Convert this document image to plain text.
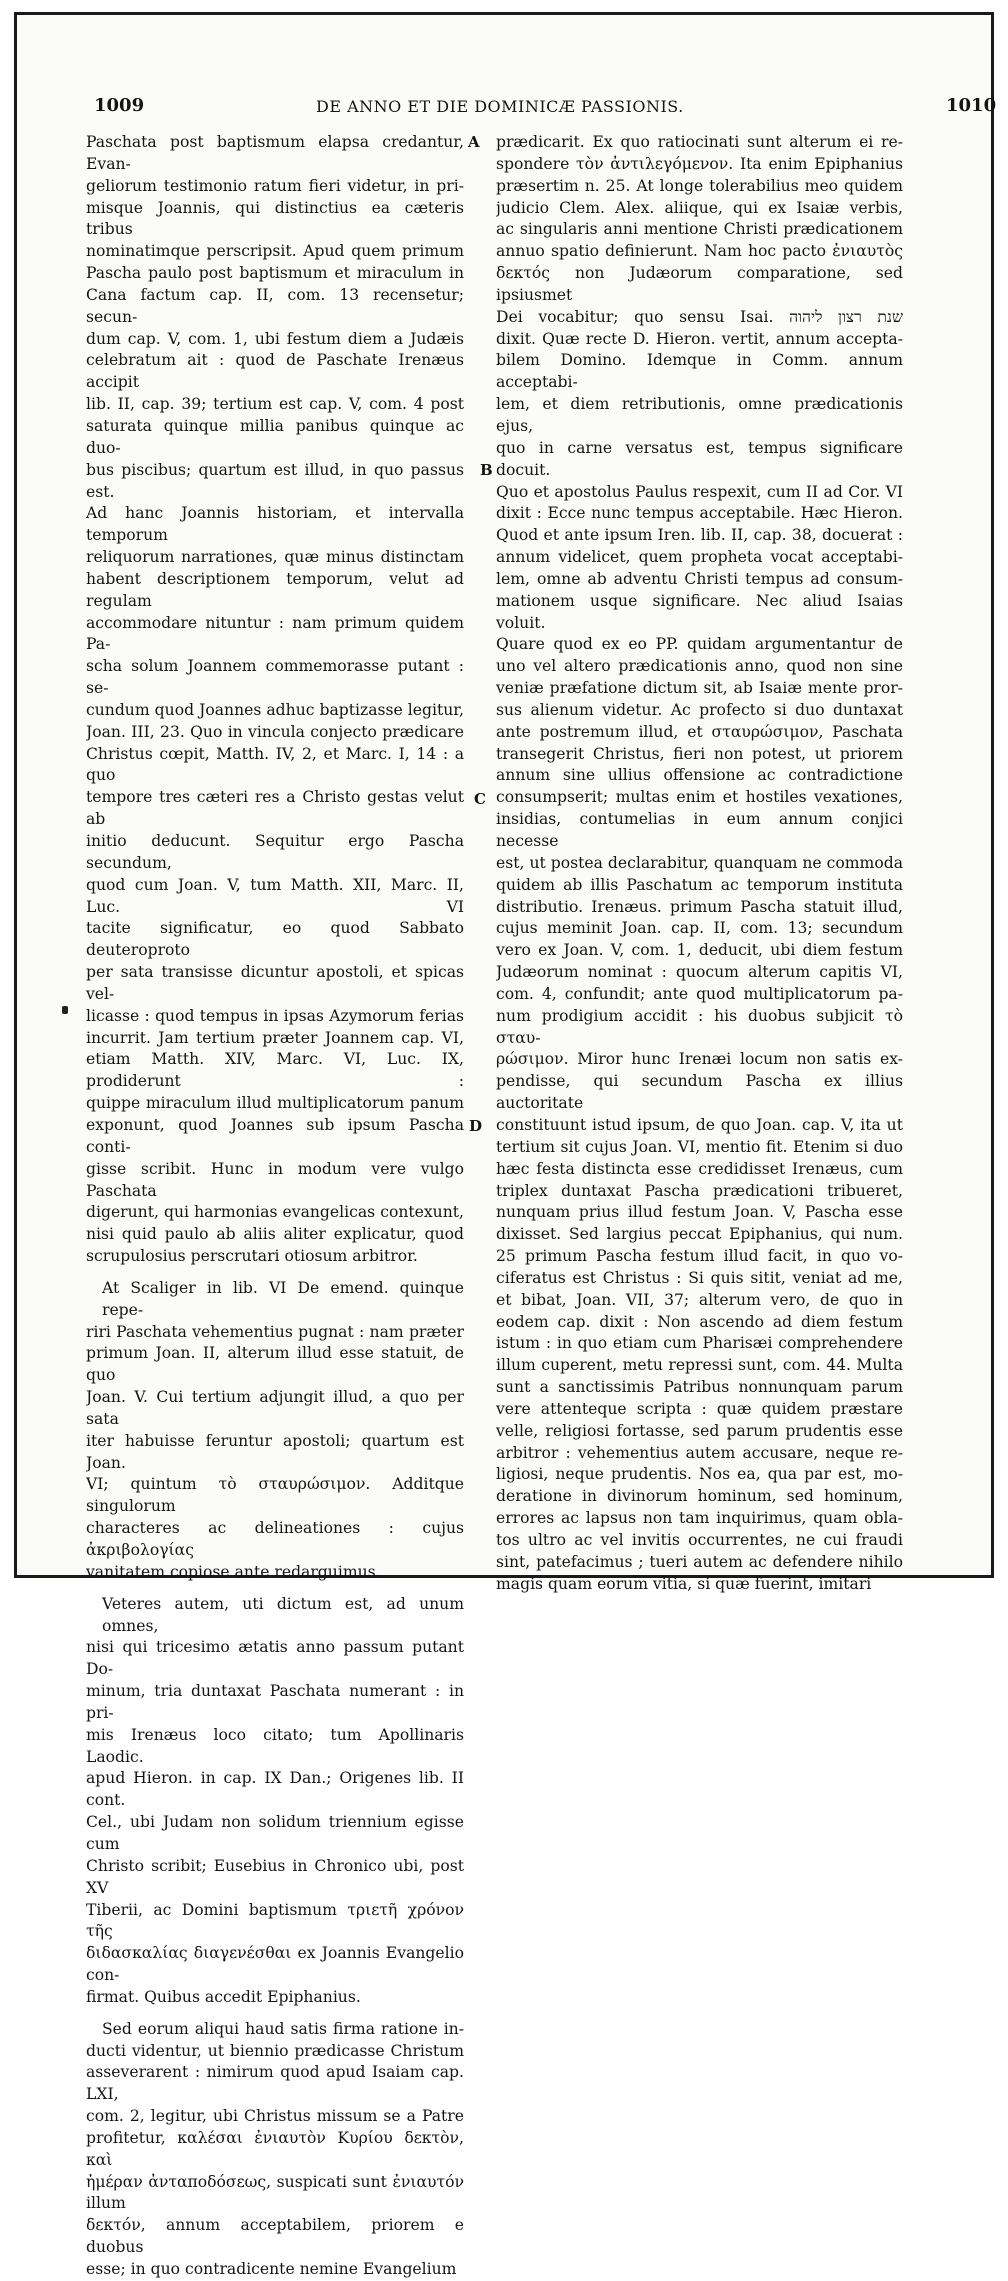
1009	DE ANNO ET DIE DOMINICÆ PASSIONIS.	1010
A
B
C
D
Paschata post baptismum elapsa credantur, Evan-
geliorum testimonio ratum fieri videtur, in pri-
misque Joannis, qui distinctius ea cæteris tribus
nominatimque perscripsit. Apud quem primum
Pascha paulo post baptismum et miraculum in
Cana factum cap. II, com. 13 recensetur; secun-
dum cap. V, com. 1, ubi festum diem a Judæis
celebratum ait : quod de Paschate Irenæus accipit
lib. II, cap. 39; tertium est cap. V, com. 4 post
saturata quinque millia panibus quinque ac duo-
bus piscibus; quartum est illud, in quo passus est.
Ad hanc Joannis historiam, et intervalla temporum
reliquorum narrationes, quæ minus distinctam
habent descriptionem temporum, velut ad regulam
accommodare nituntur : nam primum quidem Pa-
scha solum Joannem commemorasse putant : se-
cundum quod Joannes adhuc baptizasse legitur,
Joan. III, 23. Quo in vincula conjecto prædicare
Christus cœpit, Matth. IV, 2, et Marc. I, 14 : a quo
tempore tres cæteri res a Christo gestas velut ab
initio deducunt. Sequitur ergo Pascha secundum,
quod cum Joan. V, tum Matth. XII, Marc. II, Luc. VI
tacite significatur, eo quod Sabbato deuteroproto
per sata transisse dicuntur apostoli, et spicas vel-
licasse : quod tempus in ipsas Azymorum ferias
incurrit. Jam tertium præter Joannem cap. VI,
etiam Matth. XIV, Marc. VI, Luc. IX, prodiderunt :
quippe miraculum illud multiplicatorum panum
exponunt, quod Joannes sub ipsum Pascha conti-
gisse scribit. Hunc in modum vere vulgo Paschata
digerunt, qui harmonias evangelicas contexunt,
nisi quid paulo ab aliis aliter explicatur, quod
scrupulosius perscrutari otiosum arbitror.
At Scaliger in lib. VI De emend. quinque repe-
riri Paschata vehementius pugnat : nam præter
primum Joan. II, alterum illud esse statuit, de quo
Joan. V. Cui tertium adjungit illud, a quo per sata
iter habuisse feruntur apostoli; quartum est Joan.
VI; quintum τὸ σταυρώσιμον. Additque singulorum
characteres ac delineationes : cujus ἀκριβολογίας
vanitatem copiose ante redarguimus.
Veteres autem, uti dictum est, ad unum omnes,
nisi qui tricesimo ætatis anno passum putant Do-
minum, tria duntaxat Paschata numerant : in pri-
mis Irenæus loco citato; tum Apollinaris Laodic.
apud Hieron. in cap. IX Dan.; Origenes lib. II cont.
Cel., ubi Judam non solidum triennium egisse cum
Christo scribit; Eusebius in Chronico ubi, post XV
Tiberii, ac Domini baptismum τριετῆ χρόνον τῆς
διδασκαλίας διαγενέσθαι ex Joannis Evangelio con-
firmat. Quibus accedit Epiphanius.
Sed eorum aliqui haud satis firma ratione in-
ducti videntur, ut biennio prædicasse Christum
asseverarent : nimirum quod apud Isaiam cap. LXI,
com. 2, legitur, ubi Christus missum se a Patre
profitetur, καλέσαι ἐνιαυτὸν Κυρίου δεκτὸν, καὶ
ἡμέραν ἀνταποδόσεως, suspicati sunt ἐνιαυτόν illum
δεκτόν, annum acceptabilem, priorem e duobus
esse; in quo contradicente nemine Evangelium
prædicarit. Ex quo ratiocinati sunt alterum ei re-
spondere τὸν ἀντιλεγόμενον. Ita enim Epiphanius
præsertim n. 25. At longe tolerabilius meo quidem
judicio Clem. Alex. aliique, qui ex Isaiæ verbis,
ac singularis anni mentione Christi prædicationem
annuo spatio definierunt. Nam hoc pacto ἐνιαυτὸς
δεκτός non Judæorum comparatione, sed ipsiusmet
Dei vocabitur; quo sensu Isai. שנת רצון ליהוה
dixit. Quæ recte D. Hieron. vertit, annum accepta-
bilem Domino. Idemque in Comm. annum acceptabi-
lem, et diem retributionis, omne prædicationis ejus,
quo in carne versatus est, tempus significare docuit.
Quo et apostolus Paulus respexit, cum II ad Cor. VI
dixit : Ecce nunc tempus acceptabile. Hæc Hieron.
Quod et ante ipsum Iren. lib. II, cap. 38, docuerat :
annum videlicet, quem propheta vocat acceptabi-
lem, omne ab adventu Christi tempus ad consum-
mationem usque significare. Nec aliud Isaias voluit.
Quare quod ex eo PP. quidam argumentantur de
uno vel altero prædicationis anno, quod non sine
veniæ præfatione dictum sit, ab Isaiæ mente pror-
sus alienum videtur. Ac profecto si duo duntaxat
ante postremum illud, et σταυρώσιμον, Paschata
transegerit Christus, fieri non potest, ut priorem
annum sine ullius offensione ac contradictione
consumpserit; multas enim et hostiles vexationes,
insidias, contumelias in eum annum conjici necesse
est, ut postea declarabitur, quanquam ne commoda
quidem ab illis Paschatum ac temporum instituta
distributio. Irenæus. primum Pascha statuit illud,
cujus meminit Joan. cap. II, com. 13; secundum
vero ex Joan. V, com. 1, deducit, ubi diem festum
Judæorum nominat : quocum alterum capitis VI,
com. 4, confundit; ante quod multiplicatorum pa-
num prodigium accidit : his duobus subjicit τὸ σταυ-
ρώσιμον. Miror hunc Irenæi locum non satis ex-
pendisse, qui secundum Pascha ex illius auctoritate
constituunt istud ipsum, de quo Joan. cap. V, ita ut
tertium sit cujus Joan. VI, mentio fit. Etenim si duo
hæc festa distincta esse credidisset Irenæus, cum
triplex duntaxat Pascha prædicationi tribueret,
nunquam prius illud festum Joan. V, Pascha esse
dixisset. Sed largius peccat Epiphanius, qui num.
25 primum Pascha festum illud facit, in quo vo-
ciferatus est Christus : Si quis sitit, veniat ad me,
et bibat, Joan. VII, 37; alterum vero, de quo in
eodem cap. dixit : Non ascendo ad diem festum
istum : in quo etiam cum Pharisæi comprehendere
illum cuperent, metu repressi sunt, com. 44. Multa
sunt a sanctissimis Patribus nonnunquam parum
vere attenteque scripta : quæ quidem præstare
velle, religiosi fortasse, sed parum prudentis esse
arbitror : vehementius autem accusare, neque re-
ligiosi, neque prudentis. Nos ea, qua par est, mo-
deratione in divinorum hominum, sed hominum,
errores ac lapsus non tam inquirimus, quam obla-
tos ultro ac vel invitis occurrentes, ne cui fraudi
sint, patefacimus ; tueri autem ac defendere nihilo
magis quam eorum vitia, si quæ fuerint, imitari
